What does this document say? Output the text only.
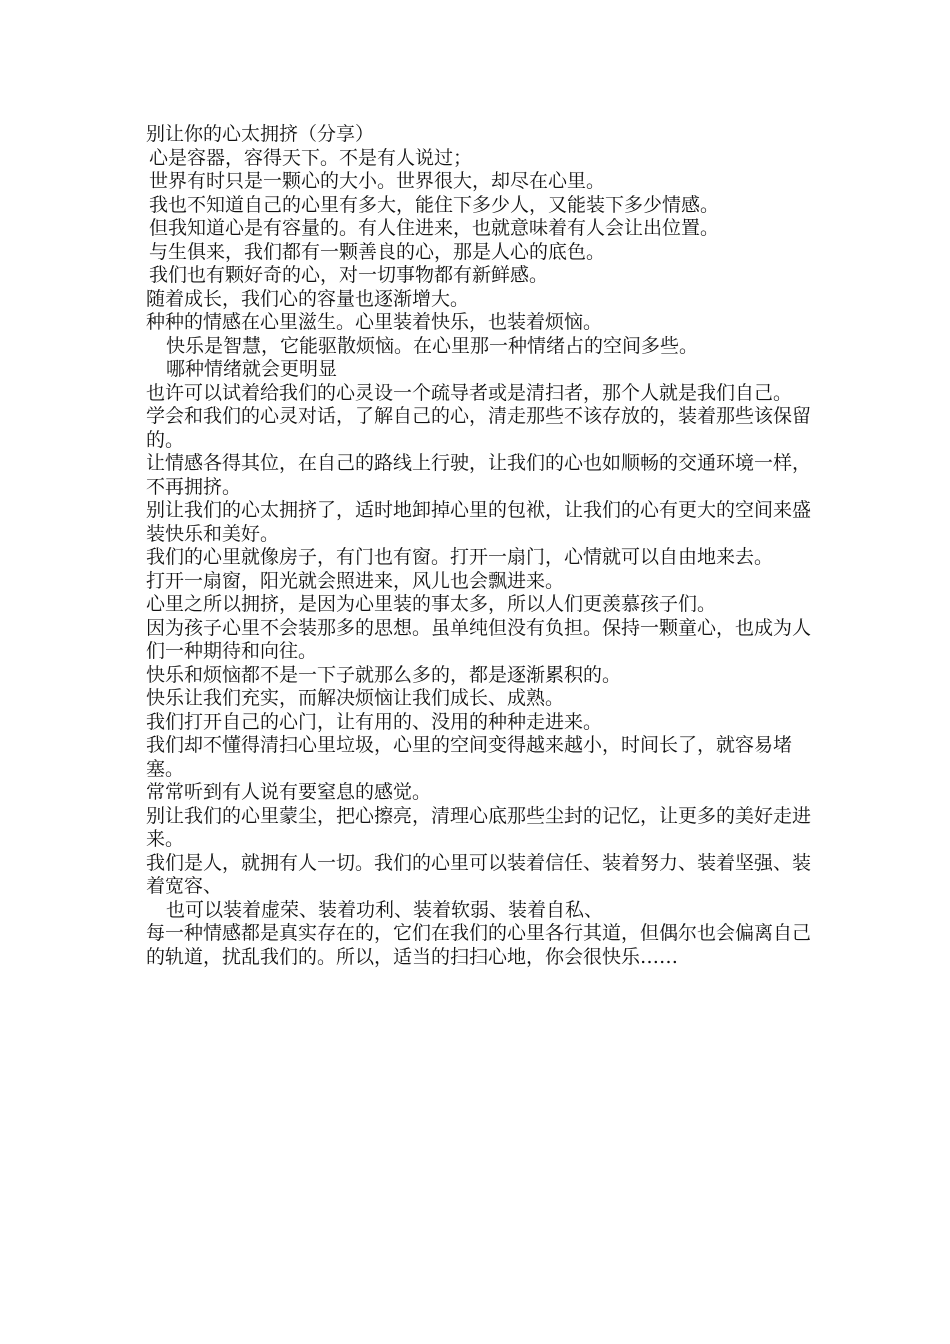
别让你的心太拥挤（分享）

心是容器，容得天下。不是有人说过；

世界有时只是一颗心的大小。世界很大，却尽在心里。

我也不知道自己的心里有多大，能住下多少人，又能装下多少情感。

但我知道心是有容量的。有人住进来，也就意味着有人会让出位置。

与生俱来，我们都有一颗善良的心，那是人心的底色。

我们也有颗好奇的心，对一切事物都有新鲜感。

随着成长，我们心的容量也逐渐增大。

种种的情感在心里滋生。心里装着快乐，也装着烦恼。

快乐是智慧，它能驱散烦恼。在心里那一种情绪占的空间多些。

哪种情绪就会更明显

也许可以试着给我们的心灵设一个疏导者或是清扫者，那个人就是我们自己。

学会和我们的心灵对话，了解自己的心，清走那些不该存放的，装着那些该保留的。

让情感各得其位，在自己的路线上行驶，让我们的心也如顺畅的交通环境一样，不再拥挤。

别让我们的心太拥挤了，适时地卸掉心里的包袱，让我们的心有更大的空间来盛装快乐和美好。

我们的心里就像房子，有门也有窗。打开一扇门，心情就可以自由地来去。

打开一扇窗，阳光就会照进来，风儿也会飘进来。

心里之所以拥挤，是因为心里装的事太多，所以人们更羡慕孩子们。

因为孩子心里不会装那多的思想。虽单纯但没有负担。保持一颗童心，也成为人们一种期待和向往。

快乐和烦恼都不是一下子就那么多的，都是逐渐累积的。

快乐让我们充实，而解决烦恼让我们成长、成熟。

我们打开自己的心门，让有用的、没用的种种走进来。

我们却不懂得清扫心里垃圾，心里的空间变得越来越小，时间长了，就容易堵塞。

常常听到有人说有要窒息的感觉。

别让我们的心里蒙尘，把心擦亮，清理心底那些尘封的记忆，让更多的美好走进来。

我们是人，就拥有人一切。我们的心里可以装着信任、装着努力、装着坚强、装着宽容、

也可以装着虚荣、装着功利、装着软弱、装着自私、

每一种情感都是真实存在的，它们在我们的心里各行其道，但偶尔也会偏离自己的轨道，扰乱我们的。所以，适当的扫扫心地，你会很快乐……
